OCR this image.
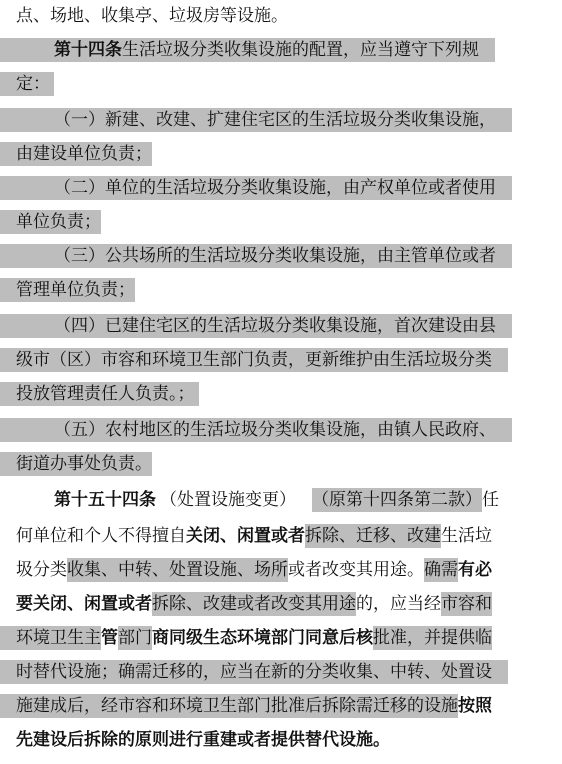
点、场地、收集亭、垃圾房等设施。
第十四条生活垃圾分类收集设施的配置，应当遵守下列规
定：
（一）新建、改建、扩建住宅区的生活垃圾分类收集设施，
由建设单位负责；
（二）单位的生活垃圾分类收集设施，由产权单位或者使用
单位负责；
（三）公共场所的生活垃圾分类收集设施，由主管单位或者
管理单位负责；
（四）已建住宅区的生活垃圾分类收集设施，首次建设由县
级市（区）市容和环境卫生部门负责，更新维护由生活垃圾分类
投放管理责任人负责。；
（五）农村地区的生活垃圾分类收集设施，由镇人民政府、
街道办事处负责。
第十五十四条 （处置设施变更） （原第十四条第二款）任
何单位和个人不得擅自关闭、闲置或者拆除、迁移、改建生活垃
圾分类收集、中转、处置设施、场所或者改变其用途。确需有必
要关闭、闲置或者拆除、改建或者改变其用途的，应当经市容和
环境卫生主管部门商同级生态环境部门同意后核批准，并提供临
时替代设施；确需迁移的，应当在新的分类收集、中转、处置设
施建成后，经市容和环境卫生部门批准后拆除需迁移的设施按照
先建设后拆除的原则进行重建或者提供替代设施。
